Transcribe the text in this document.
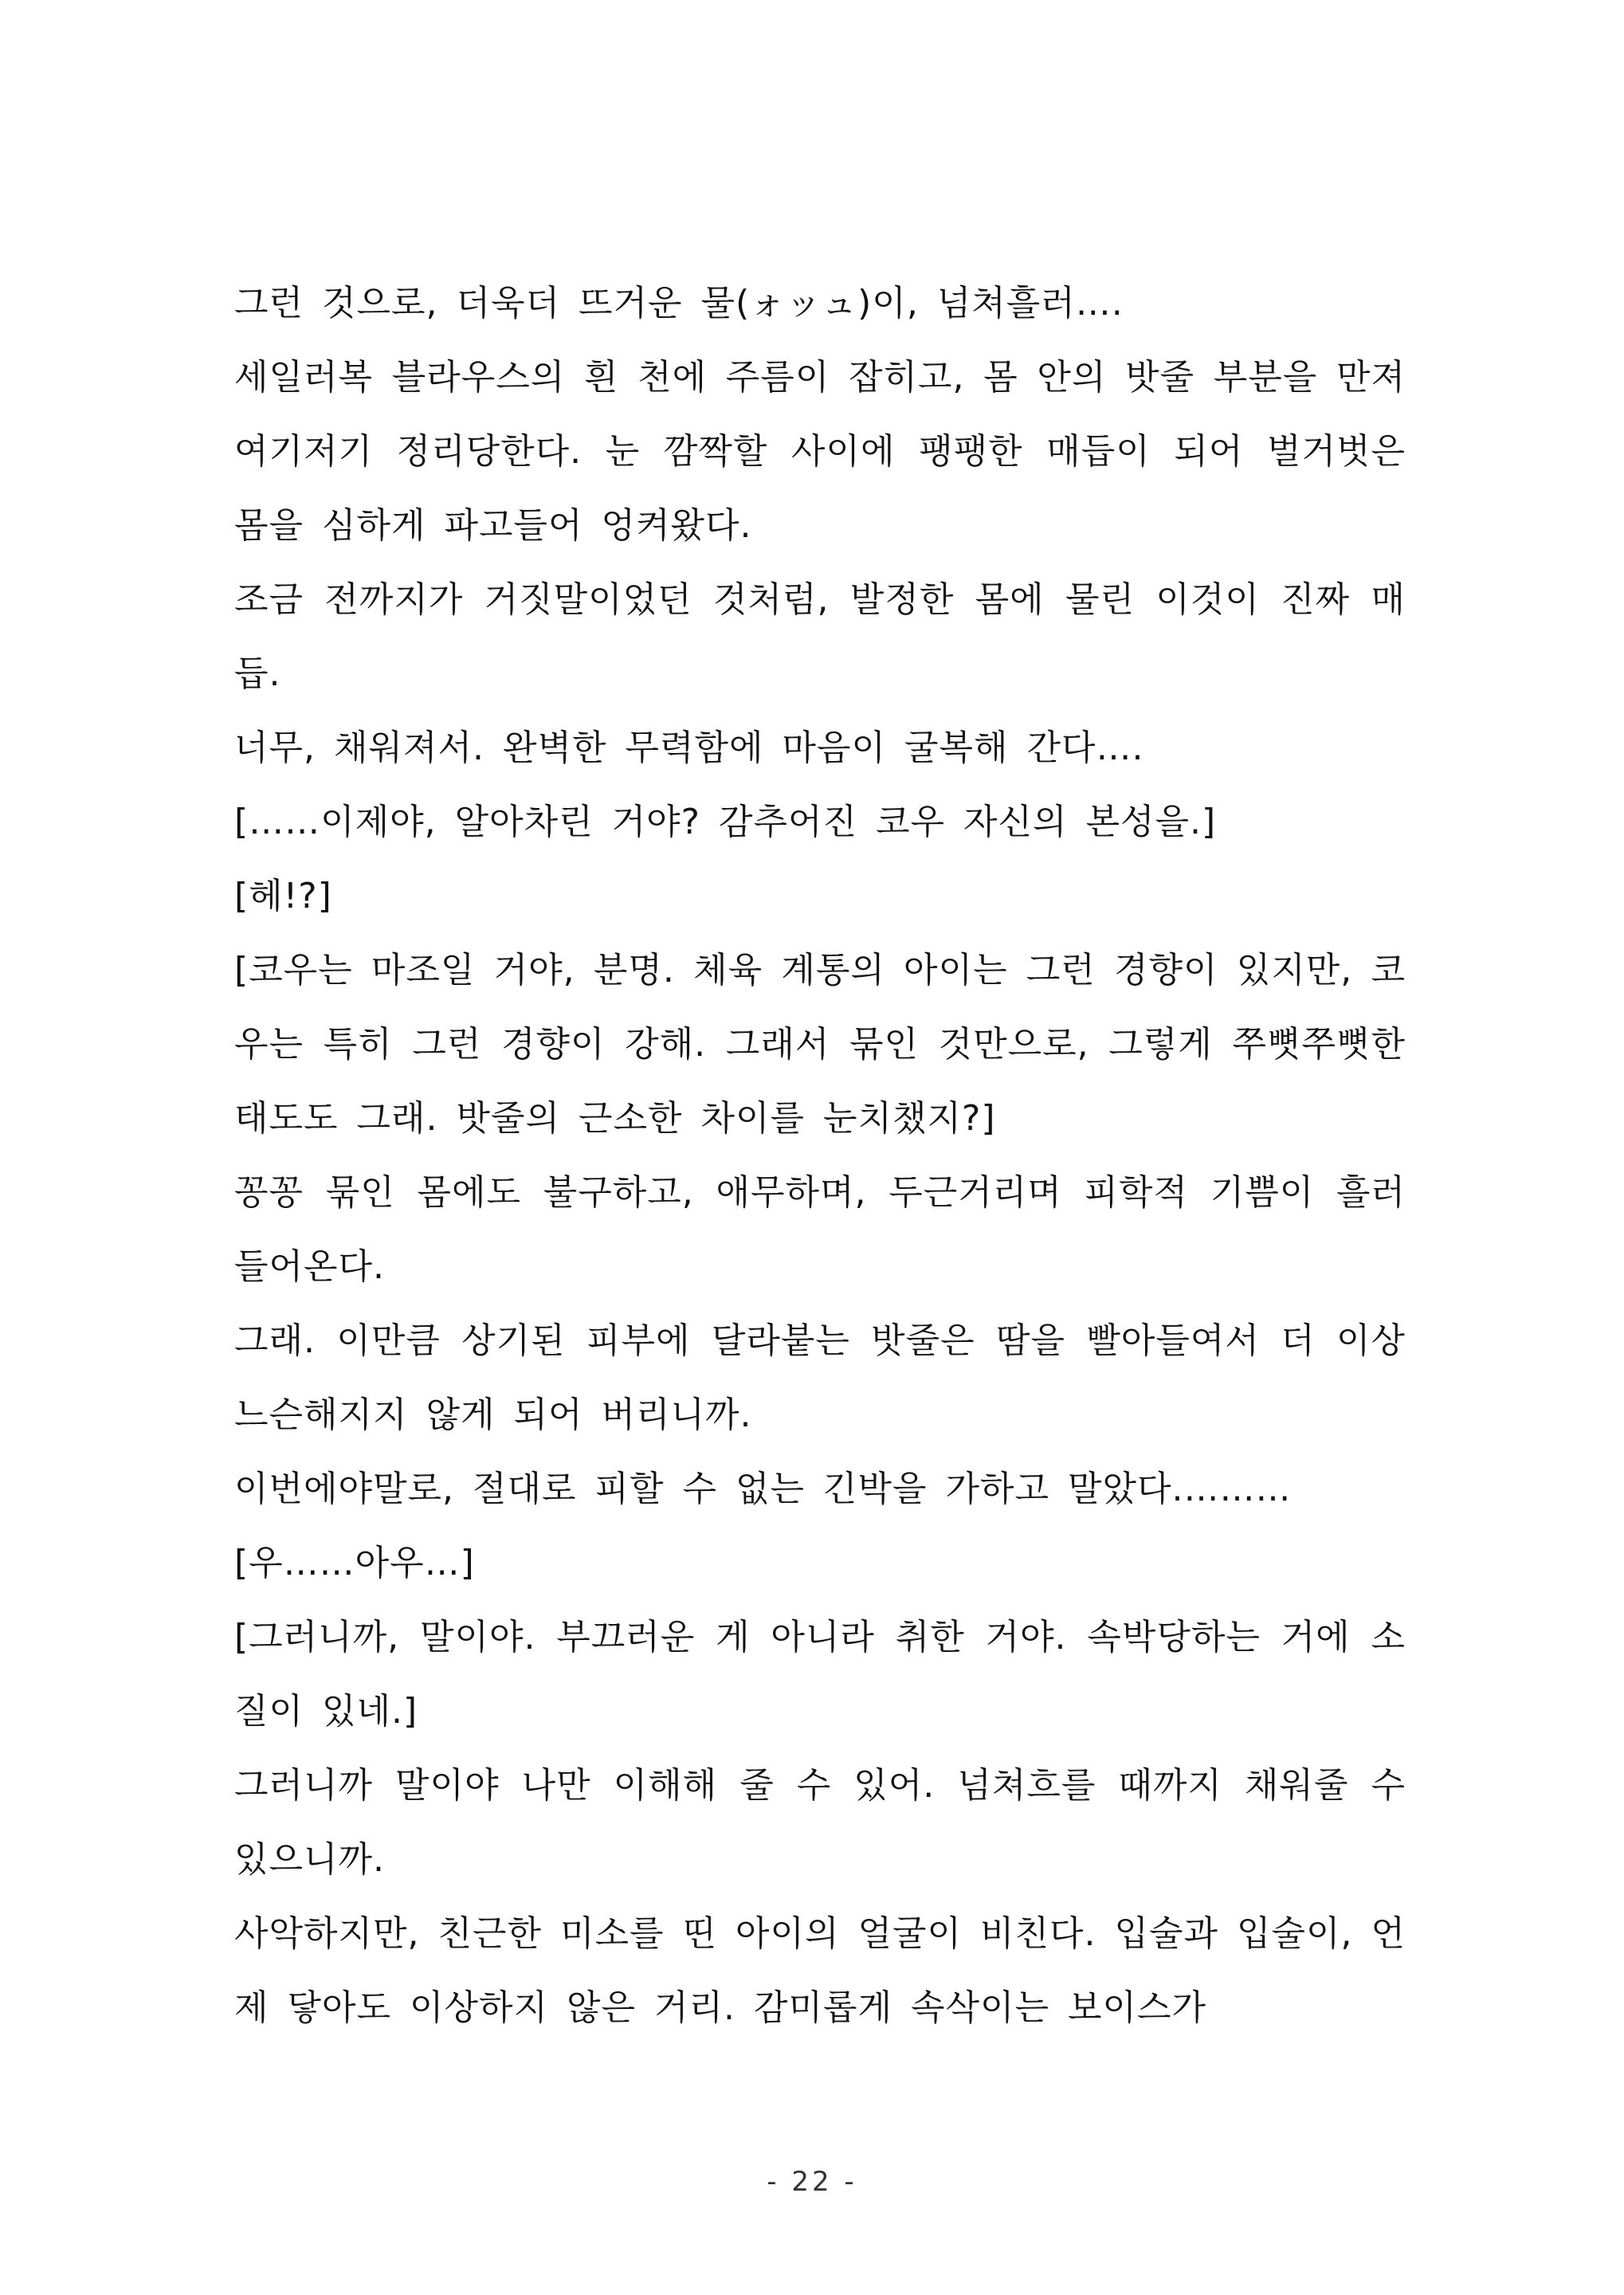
그런 것으로, 더욱더 뜨거운 물(ォッュ)이, 넘쳐흘러….

세일러복 블라우스의 흰 천에 주름이 잡히고, 몸 안의 밧줄 부분을 만져 여기저기 정리당한다. 눈 깜짝할 사이에 팽팽한 매듭이 되어 벌거벗은 몸을 심하게 파고들어 엉켜왔다.

조금 전까지가 거짓말이었던 것처럼, 발정한 몸에 물린 이것이 진짜 매듭.

너무, 채워져서. 완벽한 무력함에 마음이 굴복해 간다….

[……이제야, 알아차린 거야? 감추어진 코우 자신의 본성을.]

[헤!?]

[코우는 마조일 거야, 분명. 체육 계통의 아이는 그런 경향이 있지만, 코우는 특히 그런 경향이 강해. 그래서 묶인 것만으로, 그렇게 쭈뼛쭈뼛한 태도도 그래. 밧줄의 근소한 차이를 눈치챘지?]

꽁꽁 묶인 몸에도 불구하고, 애무하며, 두근거리며 피학적 기쁨이 흘러 들어온다.

그래. 이만큼 상기된 피부에 달라붙는 밧줄은 땀을 빨아들여서 더 이상 느슨해지지 않게 되어 버리니까.

이번에야말로, 절대로 피할 수 없는 긴박을 가하고 말았다.………

[우……아우…]

[그러니까, 말이야. 부끄러운 게 아니라 취한 거야. 속박당하는 거에 소질이 있네.]

그러니까 말이야 나만 이해해 줄 수 있어. 넘쳐흐를 때까지 채워줄 수 있으니까.

사악하지만, 친근한 미소를 띤 아이의 얼굴이 비친다. 입술과 입술이, 언제 닿아도 이상하지 않은 거리. 감미롭게 속삭이는 보이스가

- 22 -
